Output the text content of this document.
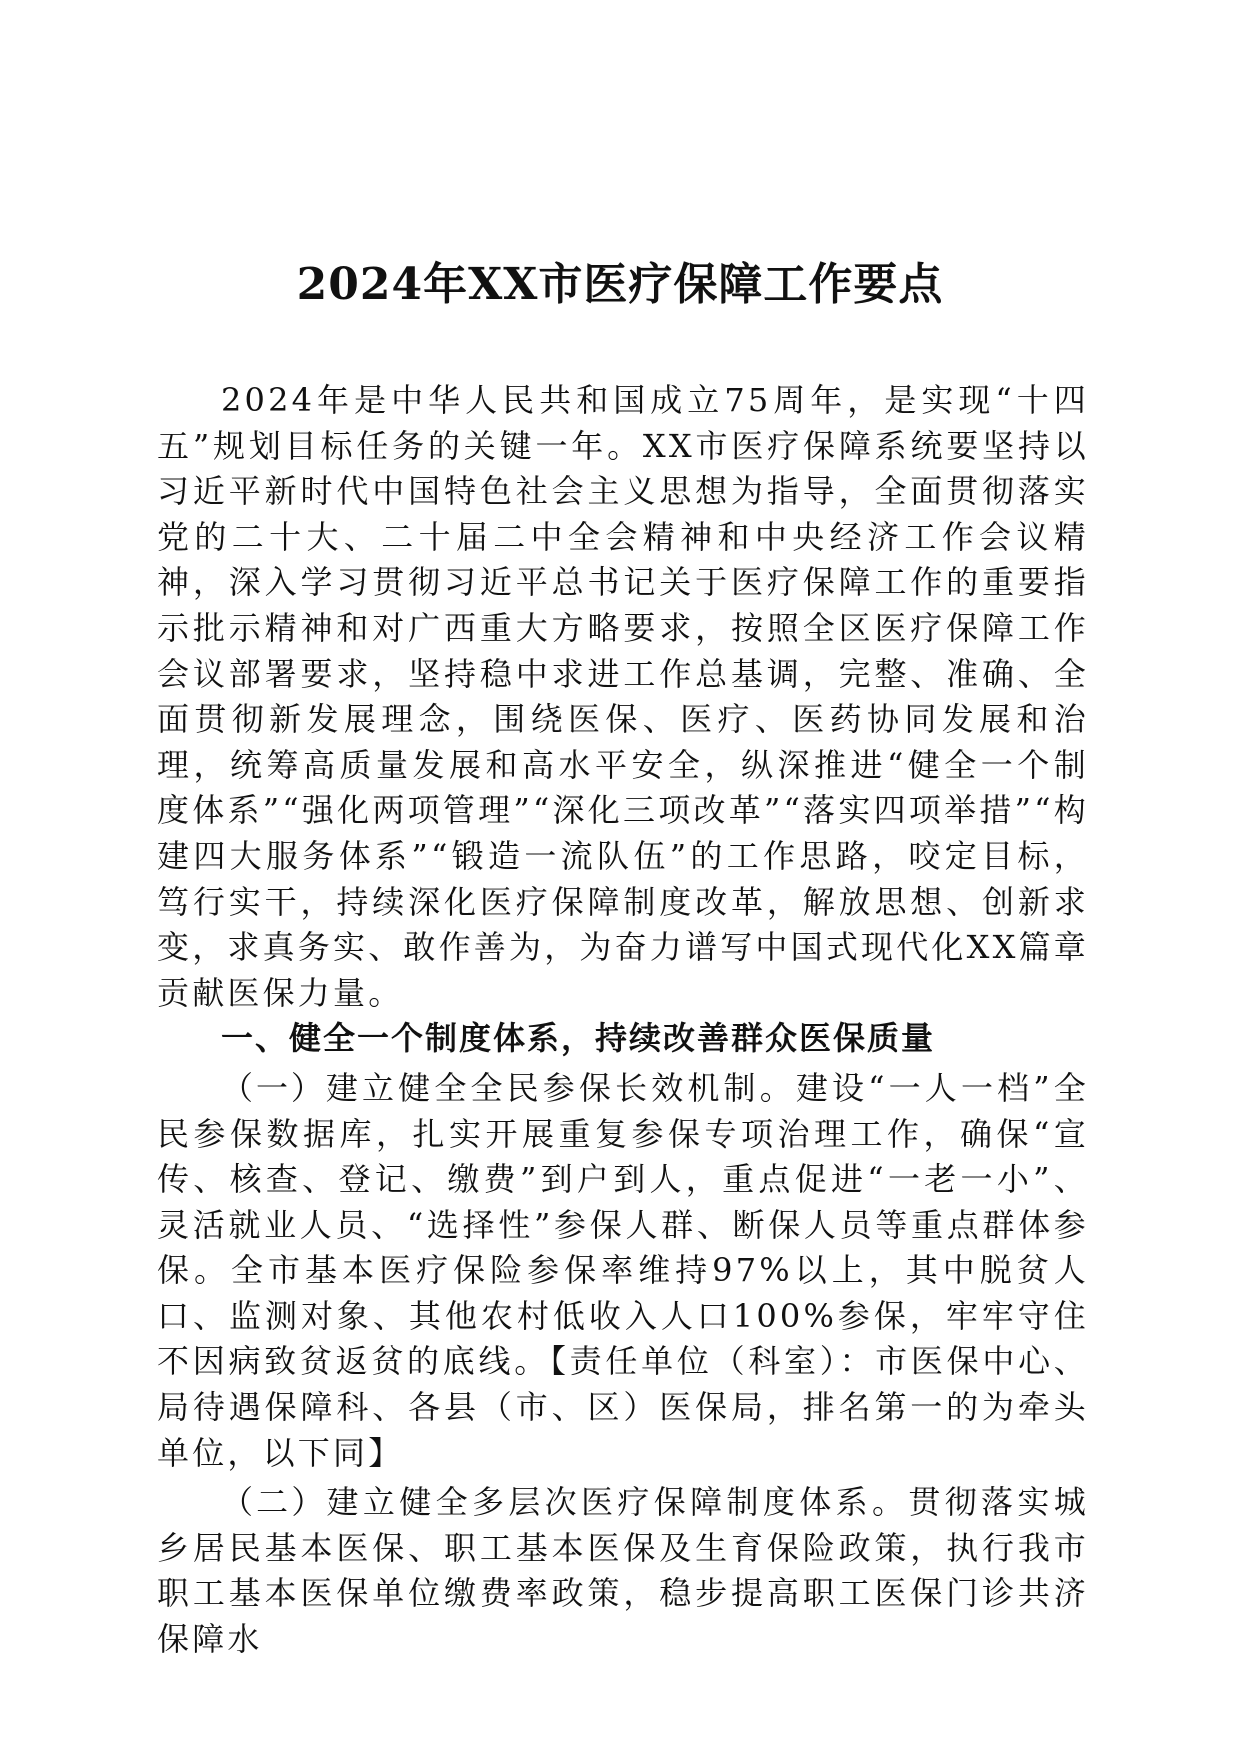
2024年XX市医疗保障工作要点

2024年是中华人民共和国成立75周年，是实现“十四五”规划目标任务的关键一年。XX市医疗保障系统要坚持以习近平新时代中国特色社会主义思想为指导，全面贯彻落实党的二十大、二十届二中全会精神和中央经济工作会议精神，深入学习贯彻习近平总书记关于医疗保障工作的重要指示批示精神和对广西重大方略要求，按照全区医疗保障工作会议部署要求，坚持稳中求进工作总基调，完整、准确、全面贯彻新发展理念，围绕医保、医疗、医药协同发展和治理，统筹高质量发展和高水平安全，纵深推进“健全一个制度体系”“强化两项管理”“深化三项改革”“落实四项举措”“构建四大服务体系”“锻造一流队伍”的工作思路，咬定目标，笃行实干，持续深化医疗保障制度改革，解放思想、创新求变，求真务实、敢作善为，为奋力谱写中国式现代化XX篇章贡献医保力量。

一、健全一个制度体系，持续改善群众医保质量

（一）建立健全全民参保长效机制。建设“一人一档”全民参保数据库，扎实开展重复参保专项治理工作，确保“宣传、核查、登记、缴费”到户到人，重点促进“一老一小”、灵活就业人员、“选择性”参保人群、断保人员等重点群体参保。全市基本医疗保险参保率维持97%以上，其中脱贫人口、监测对象、其他农村低收入人口100%参保，牢牢守住不因病致贫返贫的底线。【责任单位（科室）：市医保中心、局待遇保障科、各县（市、区）医保局，排名第一的为牵头单位，以下同】

（二）建立健全多层次医疗保障制度体系。贯彻落实城乡居民基本医保、职工基本医保及生育保险政策，执行我市职工基本医保单位缴费率政策，稳步提高职工医保门诊共济保障水
